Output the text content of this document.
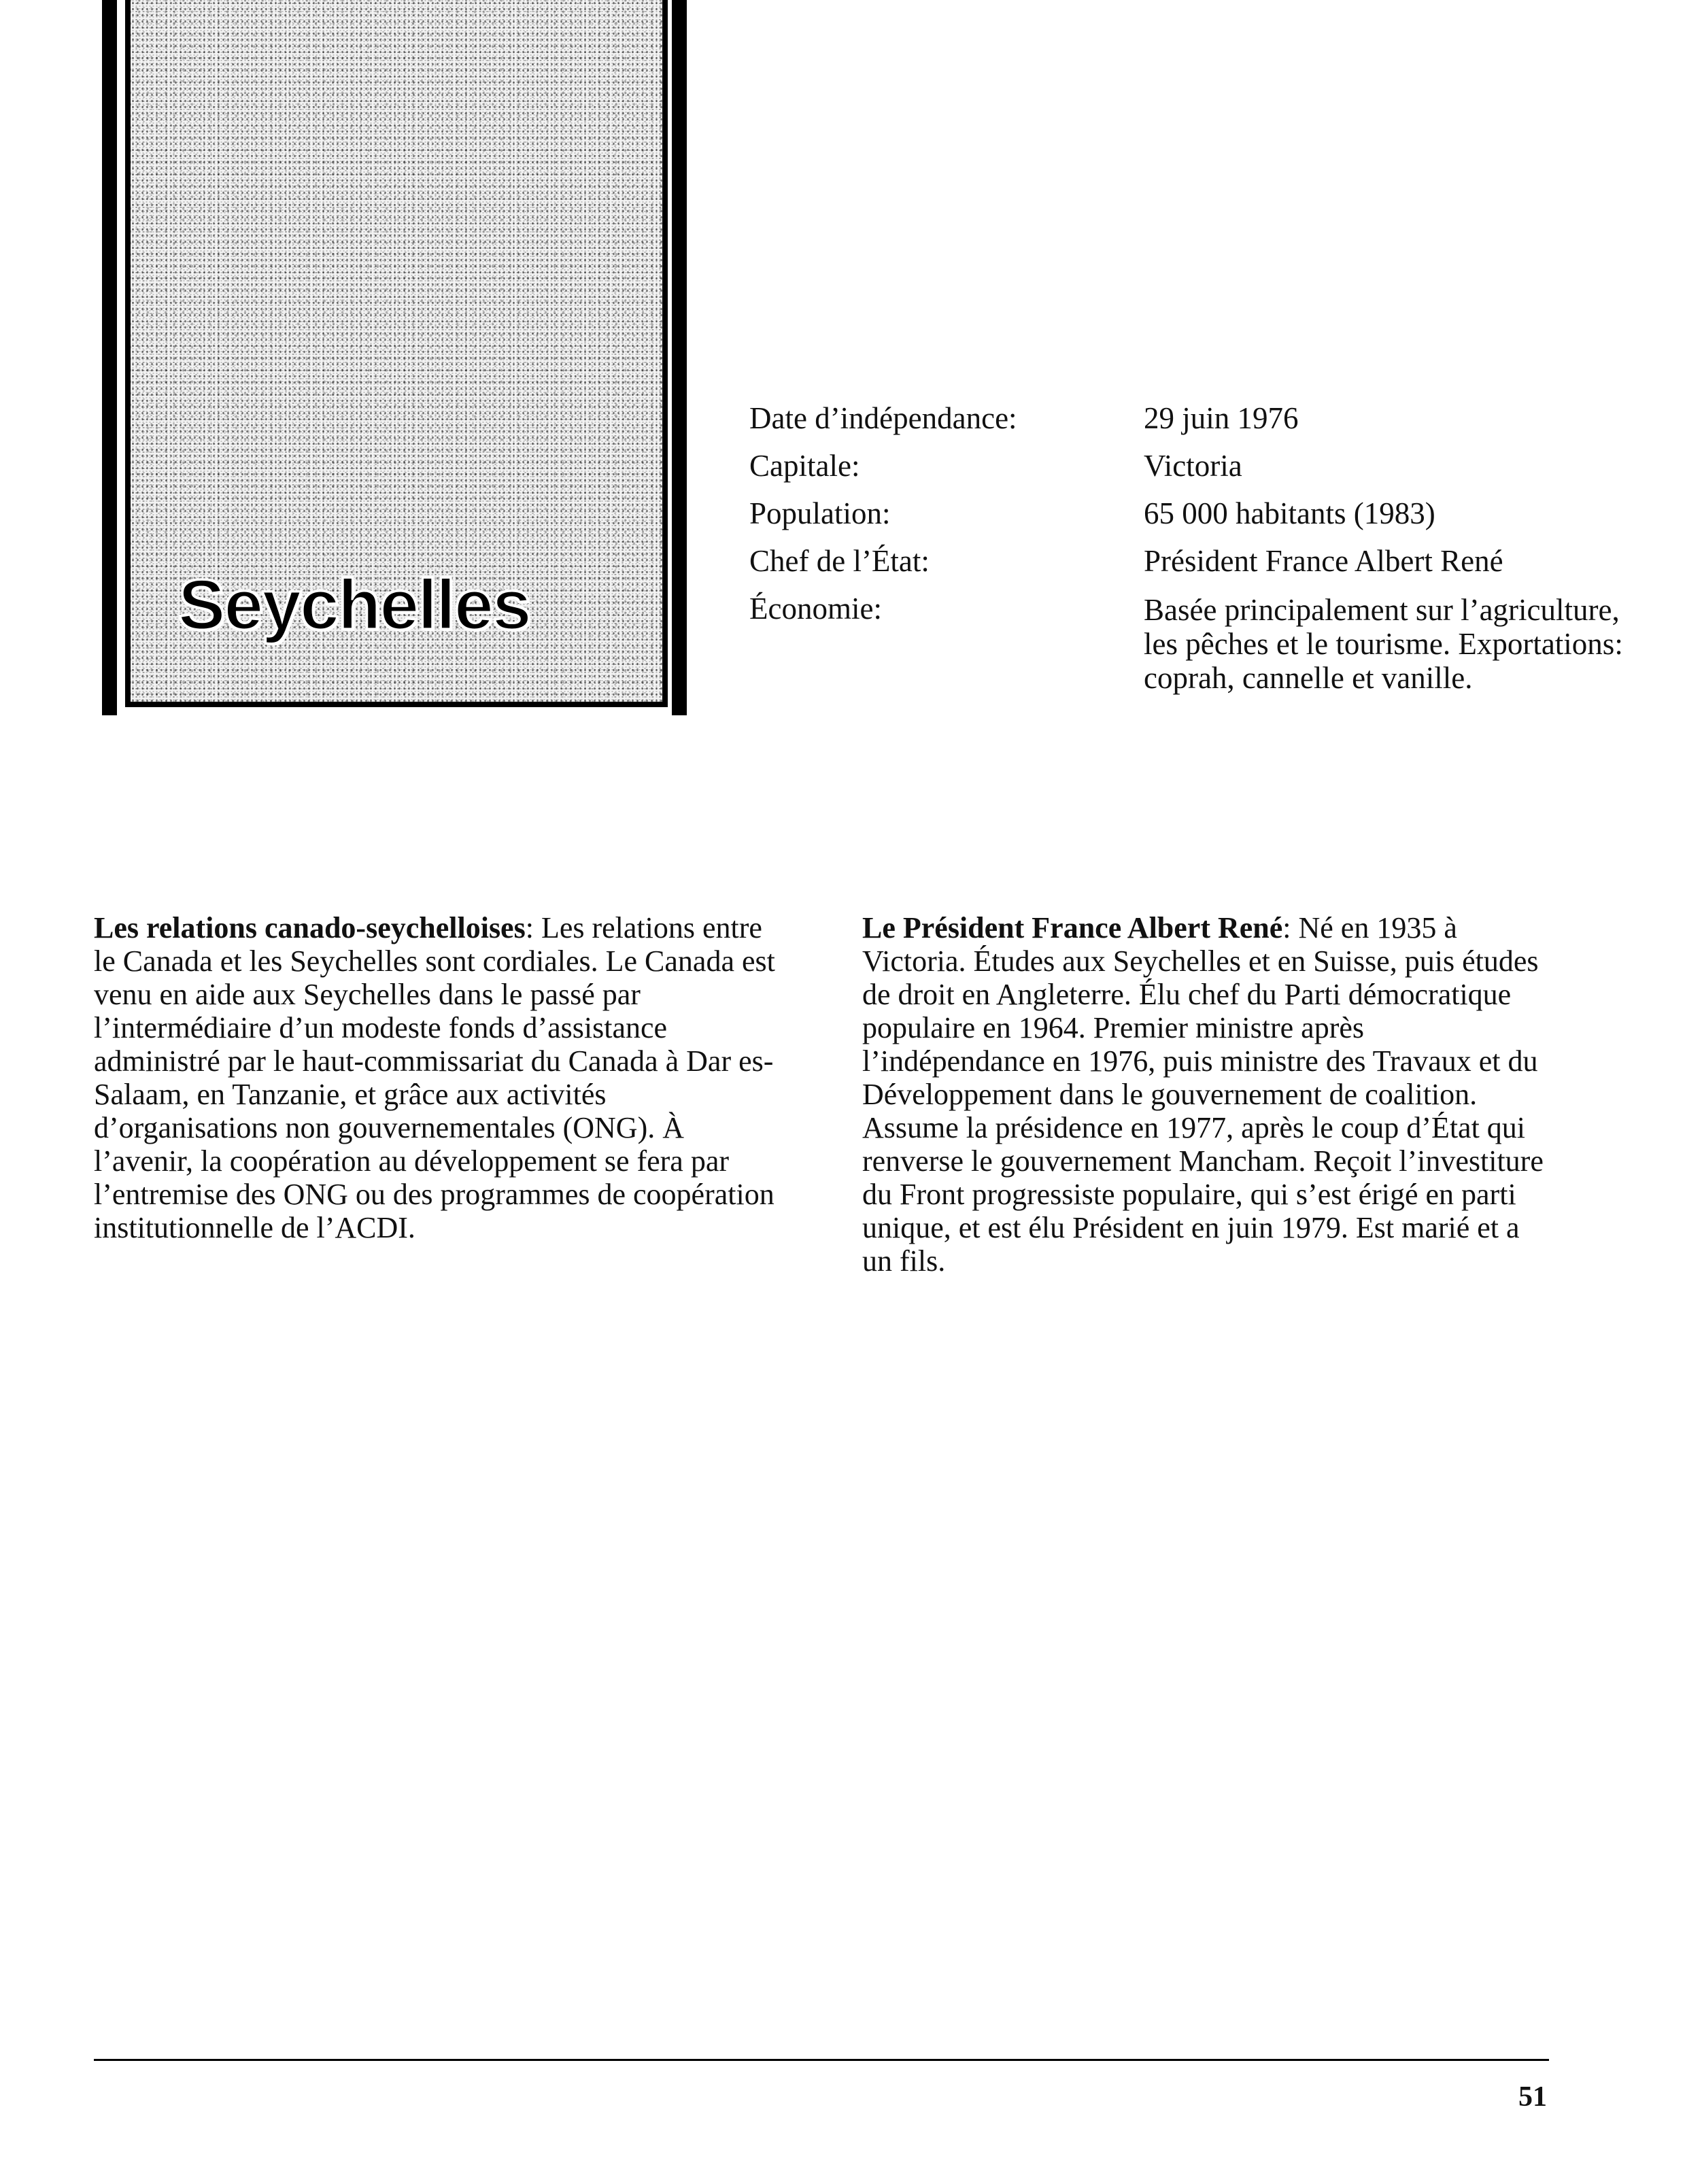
Seychelles
Date d’indépendance:	29 juin 1976
Capitale:	Victoria
Population:	65 000 habitants (1983)
Chef de l’État:	Président France Albert René
Économie:	Basée principalement sur l’agriculture, les pêches et le tourisme. Exportations: coprah, cannelle et vanille.
Les relations canado-seychelloises: Les relations entre le Canada et les Seychelles sont cordiales. Le Canada est venu en aide aux Seychelles dans le passé par l’intermédiaire d’un modeste fonds d’assistance administré par le haut-commissariat du Canada à Dar es-Salaam, en Tanzanie, et grâce aux activités d’organisations non gouvernementales (ONG). À l’avenir, la coopération au développement se fera par l’entremise des ONG ou des programmes de coopération institutionnelle de l’ACDI.
Le Président France Albert René: Né en 1935 à Victoria. Études aux Seychelles et en Suisse, puis études de droit en Angleterre. Élu chef du Parti démocratique populaire en 1964. Premier ministre après l’indépendance en 1976, puis ministre des Travaux et du Développement dans le gouvernement de coalition. Assume la présidence en 1977, après le coup d’État qui renverse le gouvernement Mancham. Reçoit l’investiture du Front progressiste populaire, qui s’est érigé en parti unique, et est élu Président en juin 1979. Est marié et a un fils.
51
